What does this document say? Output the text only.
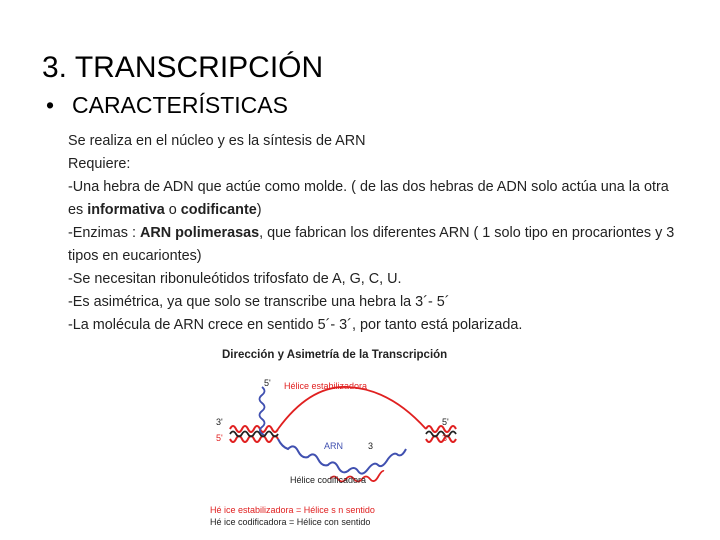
3. TRANSCRIPCIÓN
• CARACTERÍSTICAS

Se realiza en el núcleo y es la síntesis de ARN

Requiere:

-Una hebra de ADN que actúe como molde. ( de las dos hebras de ADN solo actúa una la otra es informativa o codificante)

-Enzimas : ARN polimerasas, que fabrican los diferentes ARN ( 1 solo tipo en procariontes y 3 tipos en eucariontes)

-Se necesitan ribonuleótidos trifosfato de A, G, C, U.

-Es asimétrica, ya que solo se transcribe una hebra la 3´- 5´

-La molécula de ARN crece en sentido 5´- 3´, por tanto está polarizada.

Dirección y Asimetría de la Transcripción
5' Hélice estabilizadora
3'
5'
5'
3'
ARN	3
Hélice codificadora
Hé ice estabilizadora = Hélice s n sentido
Hé ice codificadora = Hélice con sentido
